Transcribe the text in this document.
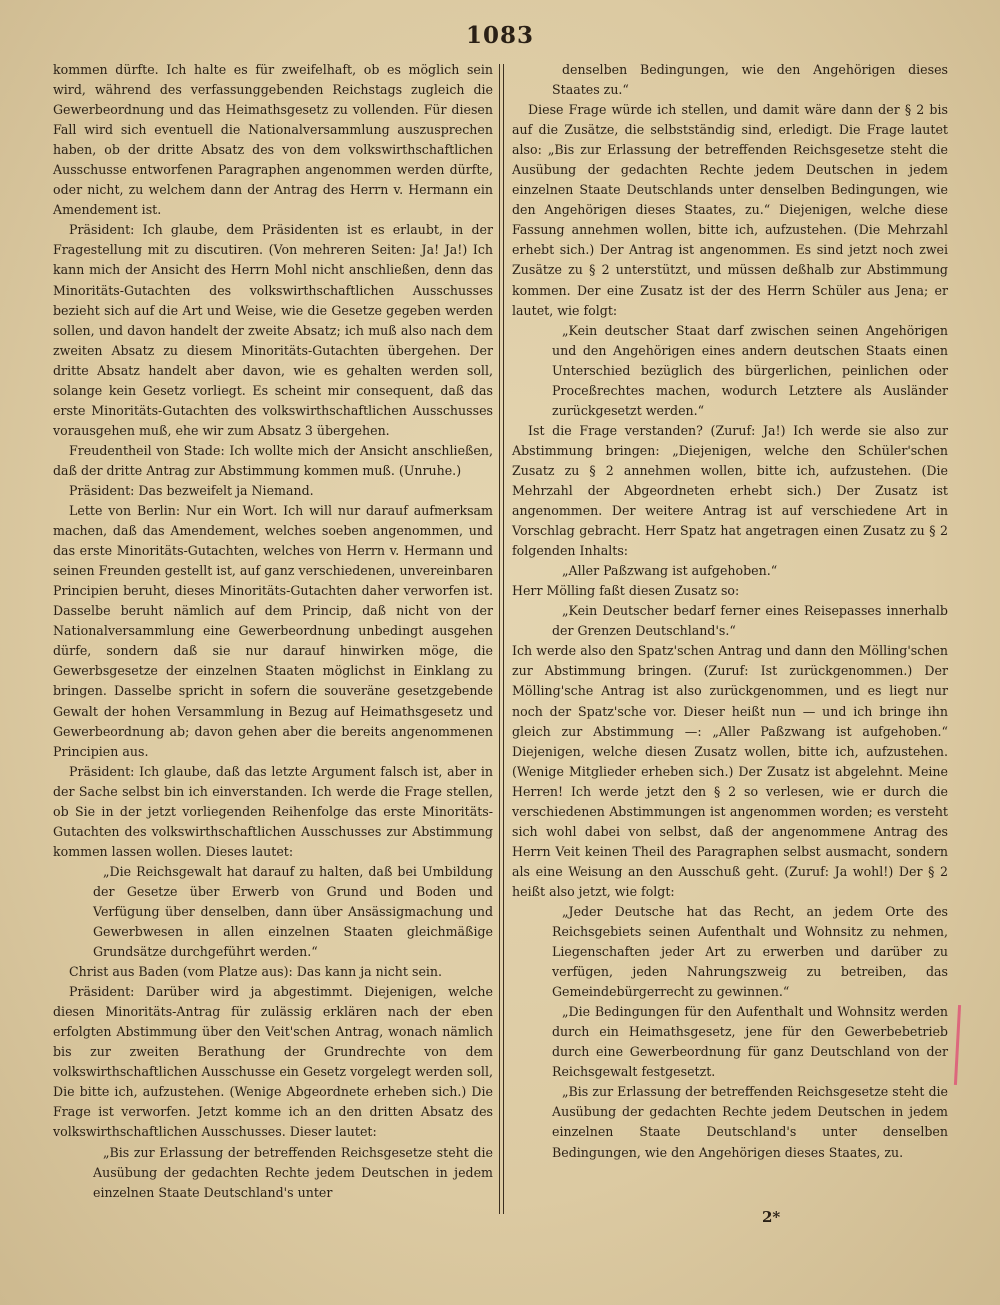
1083

kommen dürfte. Ich halte es für zweifelhaft, ob es möglich sein wird, während des verfassunggebenden Reichstags zugleich die Gewerbeordnung und das Heimathsgesetz zu vollenden. Für diesen Fall wird sich eventuell die Nationalversammlung auszusprechen haben, ob der dritte Absatz des von dem volkswirthschaftlichen Ausschusse entworfenen Paragraphen angenommen werden dürfte, oder nicht, zu welchem dann der Antrag des Herrn v. Hermann ein Amendement ist.

Präsident: Ich glaube, dem Präsidenten ist es erlaubt, in der Fragestellung mit zu discutiren. (Von mehreren Seiten: Ja! Ja!) Ich kann mich der Ansicht des Herrn Mohl nicht anschließen, denn das Minoritäts-Gutachten des volkswirthschaftlichen Ausschusses bezieht sich auf die Art und Weise, wie die Gesetze gegeben werden sollen, und davon handelt der zweite Absatz; ich muß also nach dem zweiten Absatz zu diesem Minoritäts-Gutachten übergehen. Der dritte Absatz handelt aber davon, wie es gehalten werden soll, solange kein Gesetz vorliegt. Es scheint mir consequent, daß das erste Minoritäts-Gutachten des volkswirthschaftlichen Ausschusses vorausgehen muß, ehe wir zum Absatz 3 übergehen.

Freudentheil von Stade: Ich wollte mich der Ansicht anschließen, daß der dritte Antrag zur Abstimmung kommen muß. (Unruhe.)

Präsident: Das bezweifelt ja Niemand.

Lette von Berlin: Nur ein Wort. Ich will nur darauf aufmerksam machen, daß das Amendement, welches soeben angenommen, und das erste Minoritäts-Gutachten, welches von Herrn v. Hermann und seinen Freunden gestellt ist, auf ganz verschiedenen, unvereinbaren Principien beruht, dieses Minoritäts-Gutachten daher verworfen ist. Dasselbe beruht nämlich auf dem Princip, daß nicht von der Nationalversammlung eine Gewerbeordnung unbedingt ausgehen dürfe, sondern daß sie nur darauf hinwirken möge, die Gewerbsgesetze der einzelnen Staaten möglichst in Einklang zu bringen. Dasselbe spricht in sofern die souveräne gesetzgebende Gewalt der hohen Versammlung in Bezug auf Heimathsgesetz und Gewerbeordnung ab; davon gehen aber die bereits angenommenen Principien aus.

Präsident: Ich glaube, daß das letzte Argument falsch ist, aber in der Sache selbst bin ich einverstanden. Ich werde die Frage stellen, ob Sie in der jetzt vorliegenden Reihenfolge das erste Minoritäts-Gutachten des volkswirthschaftlichen Ausschusses zur Abstimmung kommen lassen wollen. Dieses lautet:

„Die Reichsgewalt hat darauf zu halten, daß bei Umbildung der Gesetze über Erwerb von Grund und Boden und Verfügung über denselben, dann über Ansässigmachung und Gewerbwesen in allen einzelnen Staaten gleichmäßige Grundsätze durchgeführt werden.“

Christ aus Baden (vom Platze aus): Das kann ja nicht sein.

Präsident: Darüber wird ja abgestimmt. Diejenigen, welche diesen Minoritäts-Antrag für zulässig erklären nach der eben erfolgten Abstimmung über den Veit'schen Antrag, wonach nämlich bis zur zweiten Berathung der Grundrechte von dem volkswirthschaftlichen Ausschusse ein Gesetz vorgelegt werden soll, Die bitte ich, aufzustehen. (Wenige Abgeordnete erheben sich.) Die Frage ist verworfen. Jetzt komme ich an den dritten Absatz des volkswirthschaftlichen Ausschusses. Dieser lautet:

„Bis zur Erlassung der betreffenden Reichsgesetze steht die Ausübung der gedachten Rechte jedem Deutschen in jedem einzelnen Staate Deutschland's unter

denselben Bedingungen, wie den Angehörigen dieses Staates zu.“

Diese Frage würde ich stellen, und damit wäre dann der § 2 bis auf die Zusätze, die selbstständig sind, erledigt. Die Frage lautet also: „Bis zur Erlassung der betreffenden Reichsgesetze steht die Ausübung der gedachten Rechte jedem Deutschen in jedem einzelnen Staate Deutschlands unter denselben Bedingungen, wie den Angehörigen dieses Staates, zu.“ Diejenigen, welche diese Fassung annehmen wollen, bitte ich, aufzustehen. (Die Mehrzahl erhebt sich.) Der Antrag ist angenommen. Es sind jetzt noch zwei Zusätze zu § 2 unterstützt, und müssen deßhalb zur Abstimmung kommen. Der eine Zusatz ist der des Herrn Schüler aus Jena; er lautet, wie folgt:

„Kein deutscher Staat darf zwischen seinen Angehörigen und den Angehörigen eines andern deutschen Staats einen Unterschied bezüglich des bürgerlichen, peinlichen oder Proceßrechtes machen, wodurch Letztere als Ausländer zurückgesetzt werden.“

Ist die Frage verstanden? (Zuruf: Ja!) Ich werde sie also zur Abstimmung bringen: „Diejenigen, welche den Schüler'schen Zusatz zu § 2 annehmen wollen, bitte ich, aufzustehen. (Die Mehrzahl der Abgeordneten erhebt sich.) Der Zusatz ist angenommen. Der weitere Antrag ist auf verschiedene Art in Vorschlag gebracht. Herr Spatz hat angetragen einen Zusatz zu § 2 folgenden Inhalts:

„Aller Paßzwang ist aufgehoben.“

Herr Mölling faßt diesen Zusatz so:

„Kein Deutscher bedarf ferner eines Reisepasses innerhalb der Grenzen Deutschland's.“

Ich werde also den Spatz'schen Antrag und dann den Mölling'schen zur Abstimmung bringen. (Zuruf: Ist zurückgenommen.) Der Mölling'sche Antrag ist also zurückgenommen, und es liegt nur noch der Spatz'sche vor. Dieser heißt nun — und ich bringe ihn gleich zur Abstimmung —: „Aller Paßzwang ist aufgehoben.“ Diejenigen, welche diesen Zusatz wollen, bitte ich, aufzustehen. (Wenige Mitglieder erheben sich.) Der Zusatz ist abgelehnt. Meine Herren! Ich werde jetzt den § 2 so verlesen, wie er durch die verschiedenen Abstimmungen ist angenommen worden; es versteht sich wohl dabei von selbst, daß der angenommene Antrag des Herrn Veit keinen Theil des Paragraphen selbst ausmacht, sondern als eine Weisung an den Ausschuß geht. (Zuruf: Ja wohl!) Der § 2 heißt also jetzt, wie folgt:

„Jeder Deutsche hat das Recht, an jedem Orte des Reichsgebiets seinen Aufenthalt und Wohnsitz zu nehmen, Liegenschaften jeder Art zu erwerben und darüber zu verfügen, jeden Nahrungszweig zu betreiben, das Gemeindebürgerrecht zu gewinnen.“

„Die Bedingungen für den Aufenthalt und Wohnsitz werden durch ein Heimathsgesetz, jene für den Gewerbebetrieb durch eine Gewerbeordnung für ganz Deutschland von der Reichsgewalt festgesetzt.

„Bis zur Erlassung der betreffenden Reichsgesetze steht die Ausübung der gedachten Rechte jedem Deutschen in jedem einzelnen Staate Deutschland's unter denselben Bedingungen, wie den Angehörigen dieses Staates, zu.

2*
